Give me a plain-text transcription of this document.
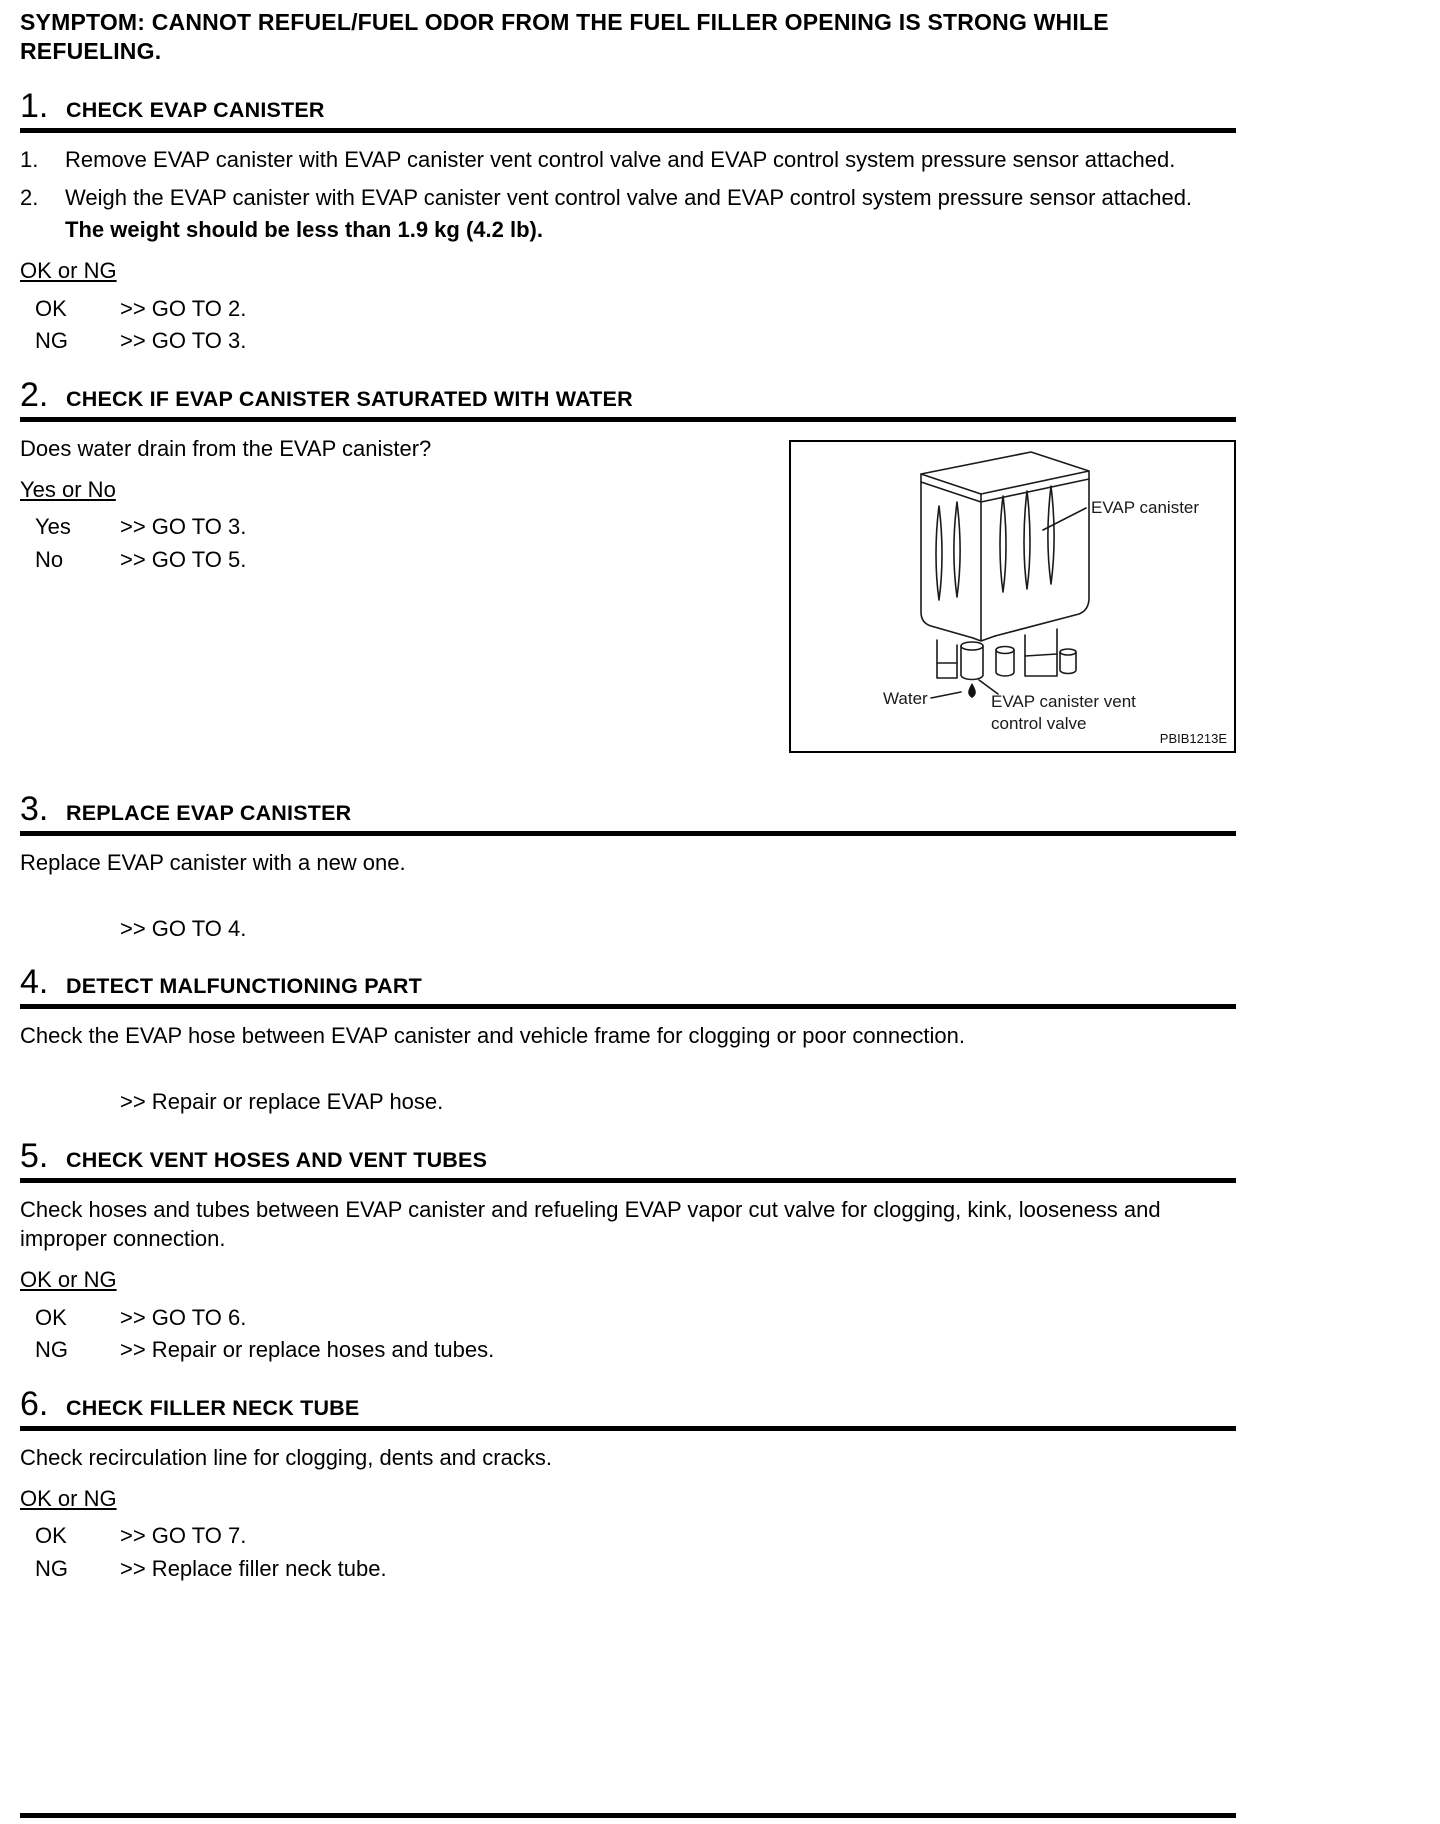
SYMPTOM: CANNOT REFUEL/FUEL ODOR FROM THE FUEL FILLER OPENING IS STRONG WHILE REFUELING.
1. CHECK EVAP CANISTER
1.	Remove EVAP canister with EVAP canister vent control valve and EVAP control system pressure sensor attached.
2.	Weigh the EVAP canister with EVAP canister vent control valve and EVAP control system pressure sensor attached.
The weight should be less than 1.9 kg (4.2 lb).
OK or NG
OK	>> GO TO 2.
NG	>> GO TO 3.
2. CHECK IF EVAP CANISTER SATURATED WITH WATER
Does water drain from the EVAP canister?
Yes or No
Yes	>> GO TO 3.
No	>> GO TO 5.
EVAP canister
Water	EVAP canister vent
control valve
PBIB1213E
3. REPLACE EVAP CANISTER
Replace EVAP canister with a new one.
>> GO TO 4.
4. DETECT MALFUNCTIONING PART
Check the EVAP hose between EVAP canister and vehicle frame for clogging or poor connection.
>> Repair or replace EVAP hose.
5. CHECK VENT HOSES AND VENT TUBES
Check hoses and tubes between EVAP canister and refueling EVAP vapor cut valve for clogging, kink, looseness and improper connection.
OK or NG
OK	>> GO TO 6.
NG	>> Repair or replace hoses and tubes.
6. CHECK FILLER NECK TUBE
Check recirculation line for clogging, dents and cracks.
OK or NG
OK	>> GO TO 7.
NG	>> Replace filler neck tube.
